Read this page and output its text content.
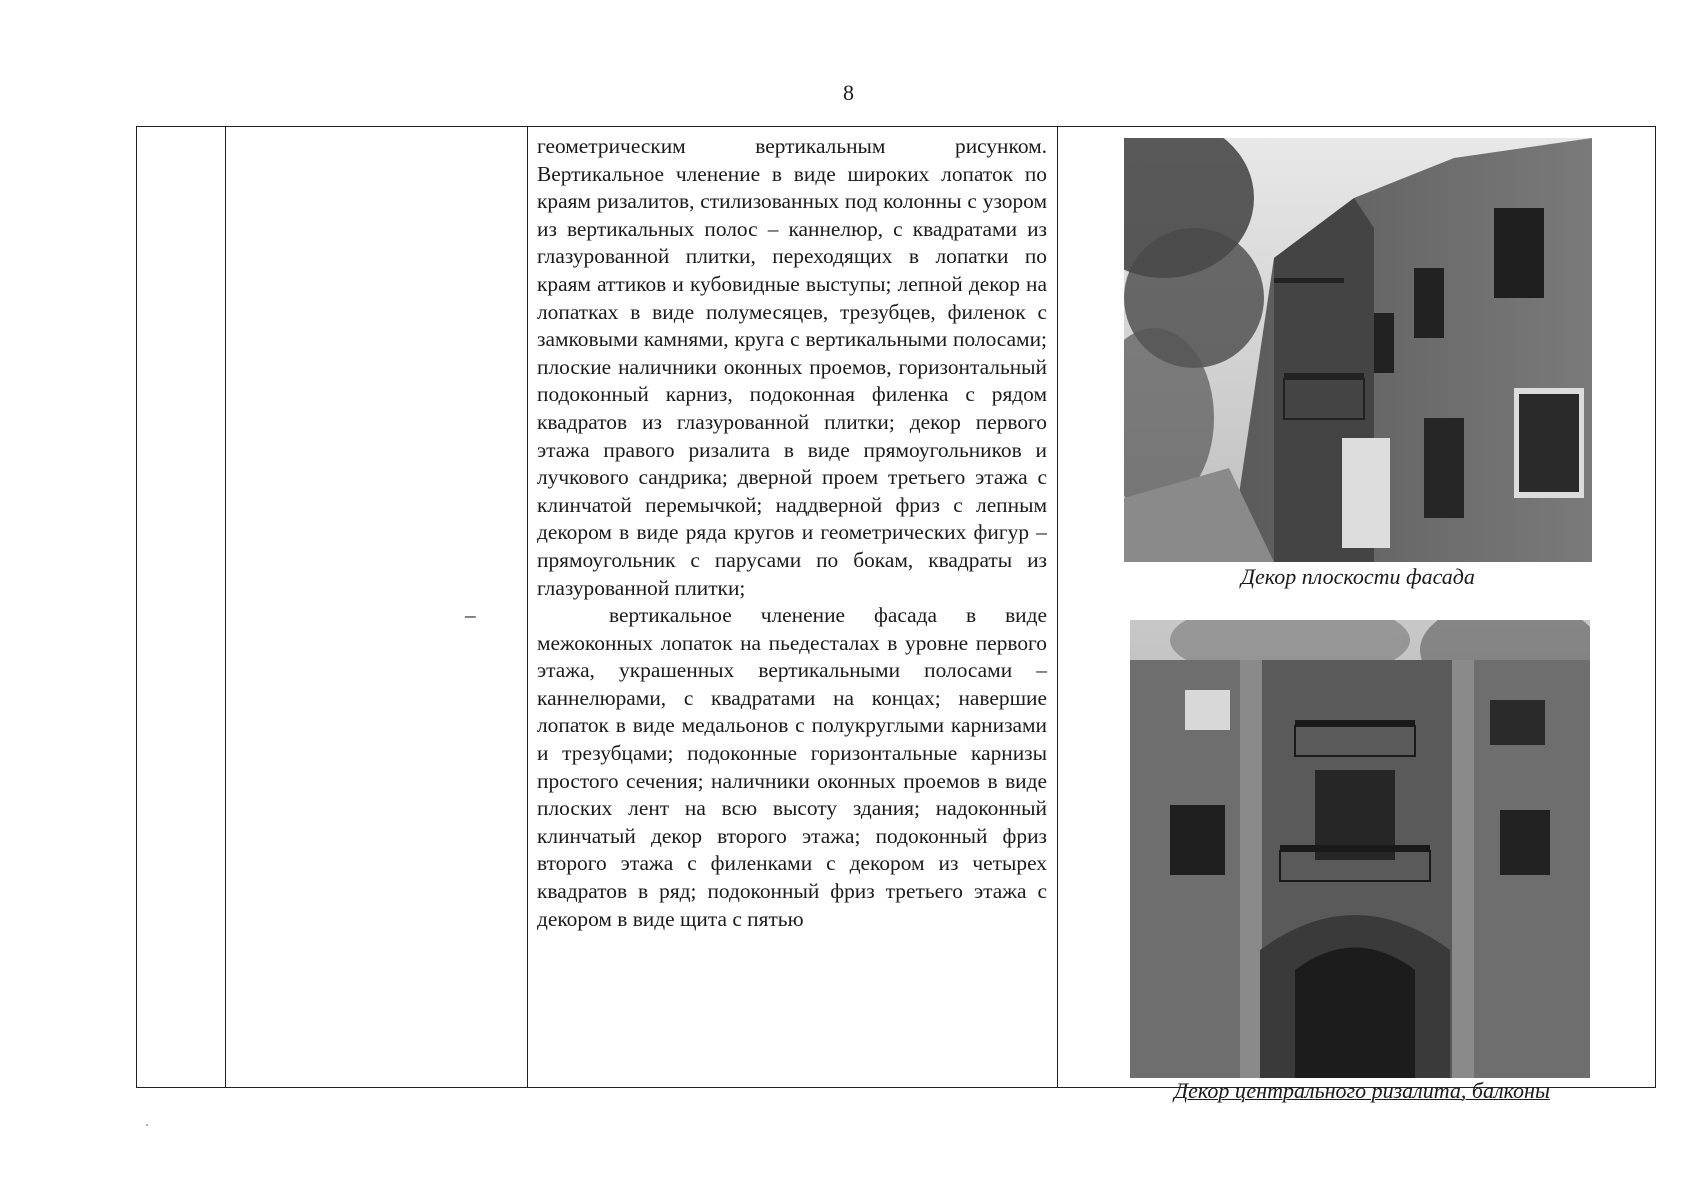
8

геометрическим вертикальным рисунком. Вертикальное членение в виде широких лопаток по краям ризалитов, стилизованных под колонны с узором из вертикальных полос – каннелюр, с квадратами из глазурованной плитки, переходящих в лопатки по краям аттиков и кубовидные выступы; лепной декор на лопатках в виде полумесяцев, трезубцев, филенок с замковыми камнями, круга с вертикальными полосами; плоские наличники оконных проемов, горизонтальный подоконный карниз, подоконная филенка с рядом квадратов из глазурованной плитки; декор первого этажа правого ризалита в виде прямоугольников и лучкового сандрика; дверной проем третьего этажа с клинчатой перемычкой; наддверной фриз с лепным декором в виде ряда кругов и геометрических фигур – прямоугольник с парусами по бокам, квадраты из глазурованной плитки;

–	вертикальное членение фасада в виде межоконных лопаток на пьедесталах в уровне первого этажа, украшенных вертикальными полосами – каннелюрами, с квадратами на концах; навершие лопаток в виде медальонов с полукруглыми карнизами и трезубцами; подоконные горизонтальные карнизы простого сечения; наличники оконных проемов в виде плоских лент на всю высоту здания; надоконный клинчатый декор второго этажа; подоконный фриз второго этажа с филенками с декором из четырех квадратов в ряд; подоконный фриз третьего этажа с декором в виде щита с пятью

Декор плоскости фасада
Декор центрального ризалита, балконы
